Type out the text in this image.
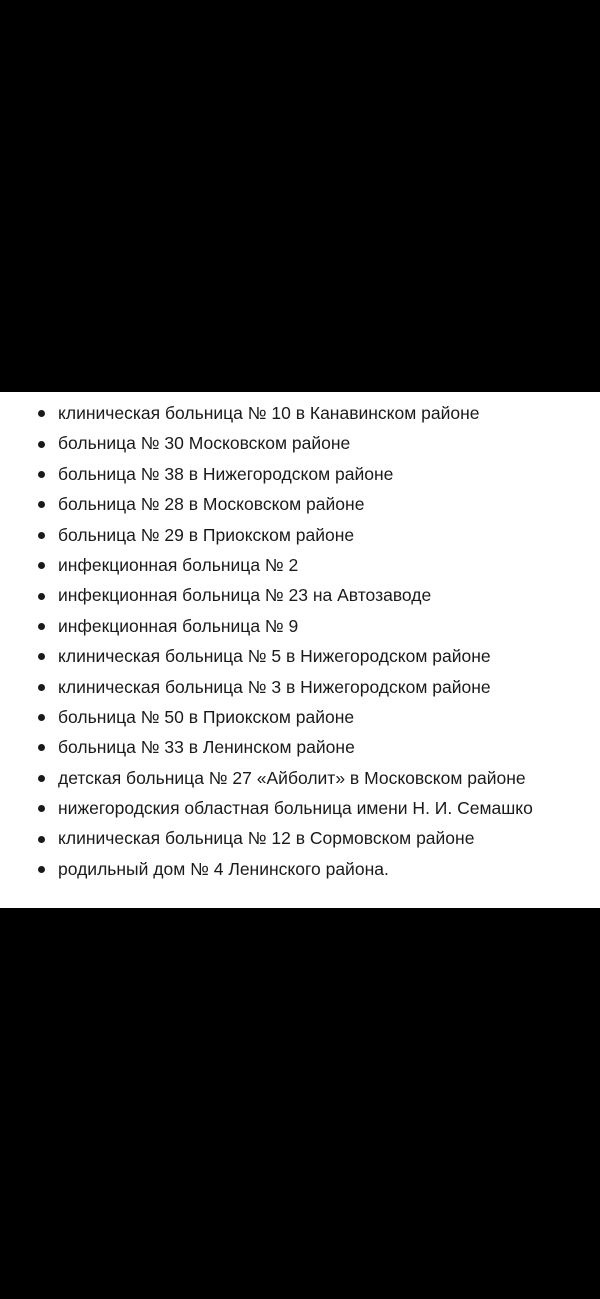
клиническая больница № 10 в Канавинском районе
больница № 30 Московском районе
больница № 38 в Нижегородском районе
больница № 28 в Московском районе
больница № 29 в Приокском районе
инфекционная больница № 2
инфекционная больница № 23 на Автозаводе
инфекционная больница № 9
клиническая больница № 5 в Нижегородском районе
клиническая больница № 3 в Нижегородском районе
больница № 50 в Приокском районе
больница № 33 в Ленинском районе
детская больница № 27 «Айболит» в Московском районе
нижегородския областная больница имени Н. И. Семашко
клиническая больница № 12 в Сормовском районе
родильный дом № 4 Ленинского района.
